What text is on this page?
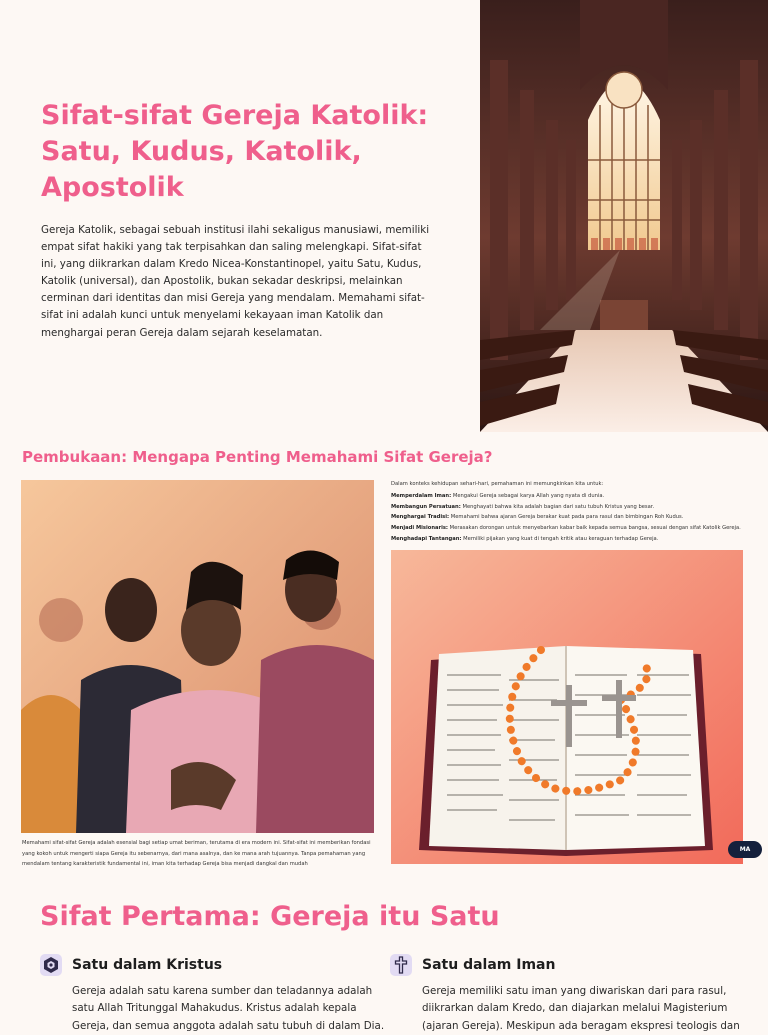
Sifat-sifat Gereja Katolik: Satu, Kudus, Katolik, Apostolik

Gereja Katolik, sebagai sebuah institusi ilahi sekaligus manusiawi, memiliki empat sifat hakiki yang tak terpisahkan dan saling melengkapi. Sifat-sifat ini, yang diikrarkan dalam Kredo Nicea-Konstantinopel, yaitu Satu, Kudus, Katolik (universal), dan Apostolik, bukan sekadar deskripsi, melainkan cerminan dari identitas dan misi Gereja yang mendalam. Memahami sifat-sifat ini adalah kunci untuk menyelami kekayaan iman Katolik dan menghargai peran Gereja dalam sejarah keselamatan.

Pembukaan: Mengapa Penting Memahami Sifat Gereja?

Memahami sifat-sifat Gereja adalah esensial bagi setiap umat beriman, terutama di era modern ini. Sifat-sifat ini memberikan fondasi yang kokoh untuk mengerti siapa Gereja itu sebenarnya, dari mana asalnya, dan ke mana arah tujuannya. Tanpa pemahaman yang mendalam tentang karakteristik fundamental ini, iman kita terhadap Gereja bisa menjadi dangkal dan mudah

Dalam konteks kehidupan sehari-hari, pemahaman ini memungkinkan kita untuk:

Memperdalam Iman: Mengakui Gereja sebagai karya Allah yang nyata di dunia.
Membangun Persatuan: Menghayati bahwa kita adalah bagian dari satu tubuh Kristus yang besar.
Menghargai Tradisi: Memahami bahwa ajaran Gereja berakar kuat pada para rasul dan bimbingan Roh Kudus.
Menjadi Misionaris: Merasakan dorongan untuk menyebarkan kabar baik kepada semua bangsa, sesuai dengan sifat Katolik Gereja.
Menghadapi Tantangan: Memiliki pijakan yang kuat di tengah kritik atau keraguan terhadap Gereja.
MA
Sifat Pertama: Gereja itu Satu
Satu dalam Kristus

Gereja adalah satu karena sumber dan teladannya adalah satu Allah Tritunggal Mahakudus. Kristus adalah kepala Gereja, dan semua anggota adalah satu tubuh di dalam Dia.

Satu dalam Iman

Gereja memiliki satu iman yang diwariskan dari para rasul, diikrarkan dalam Kredo, dan diajarkan melalui Magisterium (ajaran Gereja). Meskipun ada beragam ekspresi teologis dan
